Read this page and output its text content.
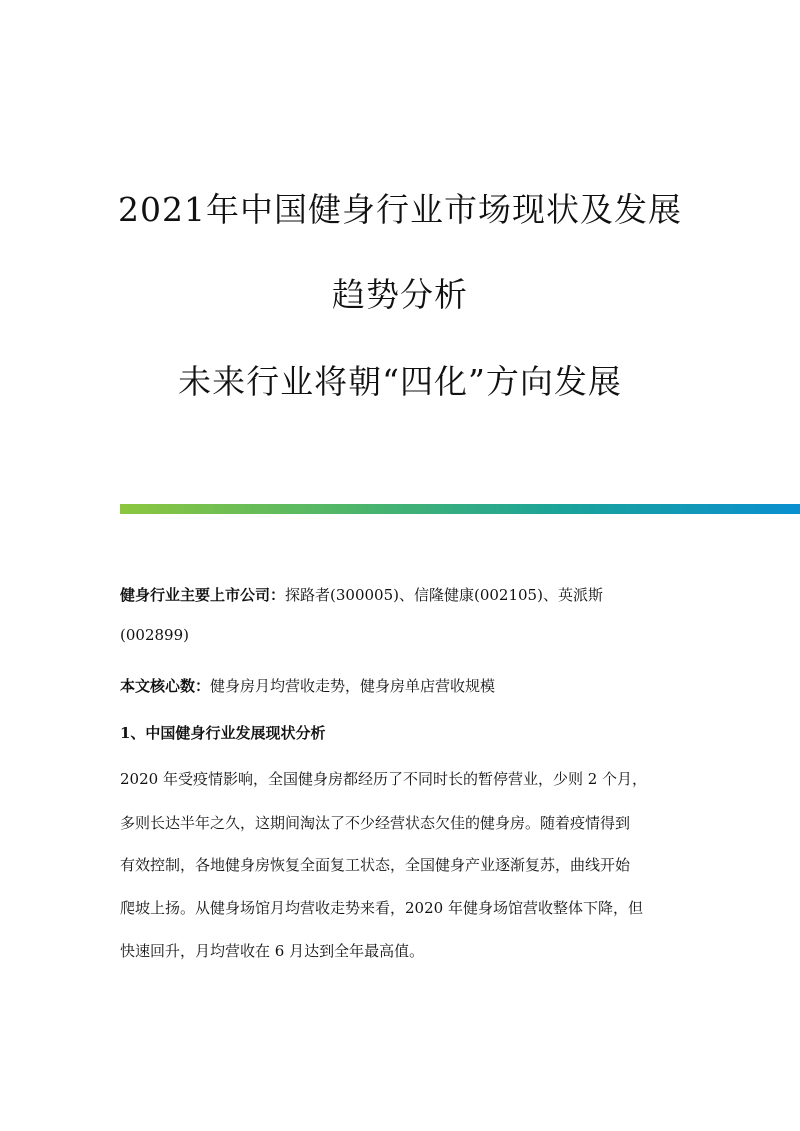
2021年中国健身行业市场现状及发展
趋势分析
未来行业将朝“四化”方向发展
健身行业主要上市公司：探路者(300005)、信隆健康(002105)、英派斯
(002899)
本文核心数：健身房月均营收走势，健身房单店营收规模
1、中国健身行业发展现状分析
2020 年受疫情影响，全国健身房都经历了不同时长的暂停营业，少则 2 个月，
多则长达半年之久，这期间淘汰了不少经营状态欠佳的健身房。随着疫情得到
有效控制，各地健身房恢复全面复工状态，全国健身产业逐渐复苏，曲线开始
爬坡上扬。从健身场馆月均营收走势来看，2020 年健身场馆营收整体下降，但
快速回升，月均营收在 6 月达到全年最高值。
